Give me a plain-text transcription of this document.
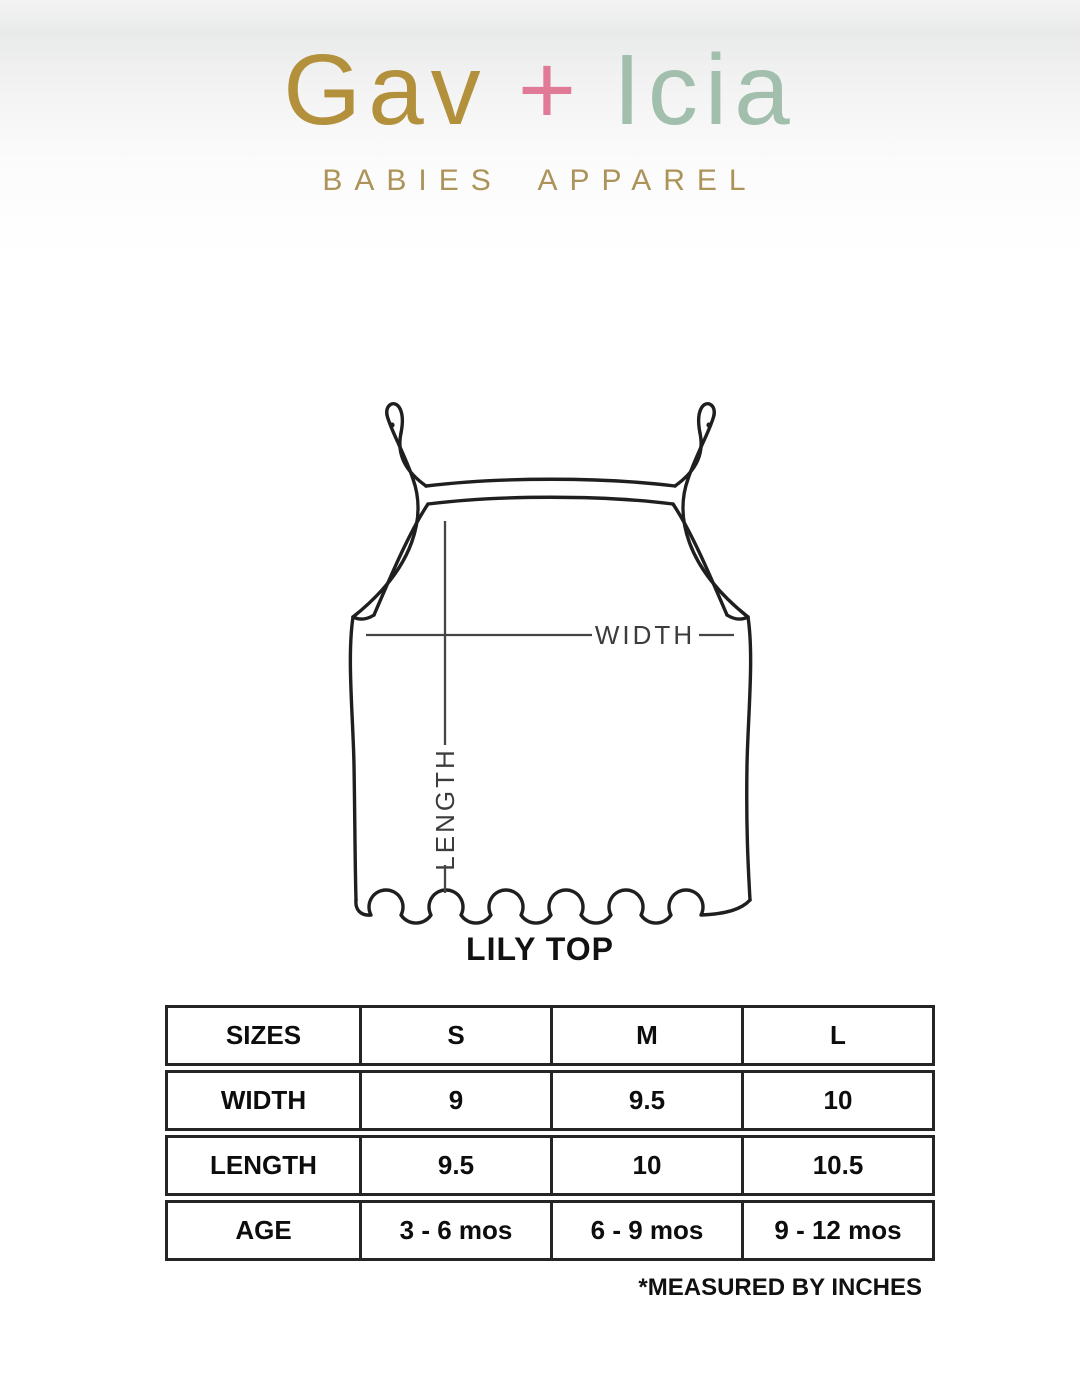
Gav + Icia
BABIES APPAREL
WIDTH
LENGTH
LILY TOP
SIZES	S	M	L
WIDTH	9	9.5	10
LENGTH	9.5	10	10.5
AGE	3 - 6 mos	6 - 9 mos	9 - 12 mos
*MEASURED BY INCHES
